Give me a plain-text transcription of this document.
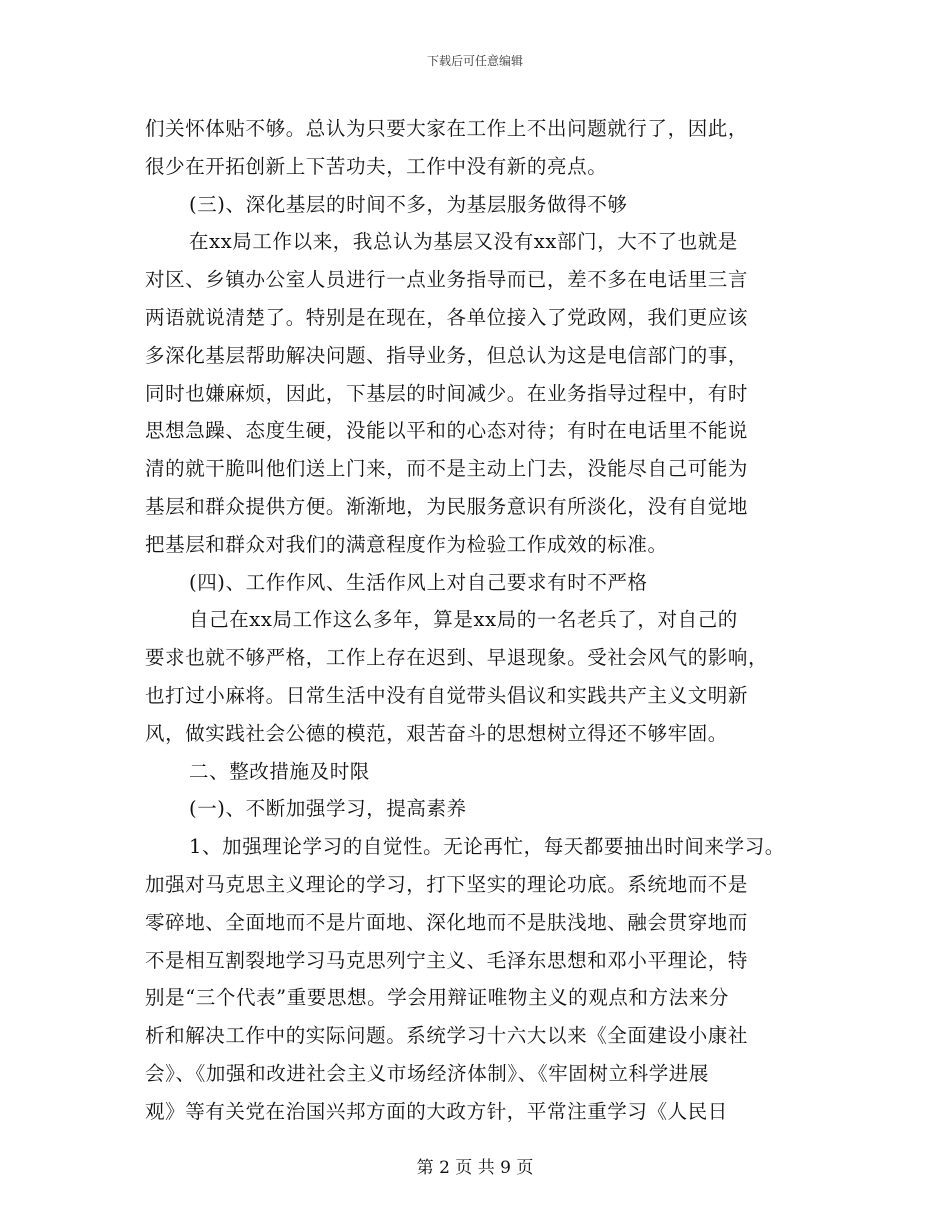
下载后可任意编辑
们关怀体贴不够。总认为只要大家在工作上不出问题就行了，因此，
很少在开拓创新上下苦功夫，工作中没有新的亮点。
(三)、深化基层的时间不多，为基层服务做得不够
在xx局工作以来，我总认为基层又没有xx部门，大不了也就是
对区、乡镇办公室人员进行一点业务指导而已，差不多在电话里三言
两语就说清楚了。特别是在现在，各单位接入了党政网，我们更应该
多深化基层帮助解决问题、指导业务，但总认为这是电信部门的事，
同时也嫌麻烦，因此，下基层的时间减少。在业务指导过程中，有时
思想急躁、态度生硬，没能以平和的心态对待；有时在电话里不能说
清的就干脆叫他们送上门来，而不是主动上门去，没能尽自己可能为
基层和群众提供方便。渐渐地，为民服务意识有所淡化，没有自觉地
把基层和群众对我们的满意程度作为检验工作成效的标准。
(四)、工作作风、生活作风上对自己要求有时不严格
自己在xx局工作这么多年，算是xx局的一名老兵了，对自己的
要求也就不够严格，工作上存在迟到、早退现象。受社会风气的影响，
也打过小麻将。日常生活中没有自觉带头倡议和实践共产主义文明新
风，做实践社会公德的模范，艰苦奋斗的思想树立得还不够牢固。
二、整改措施及时限
(一)、不断加强学习，提高素养
1、加强理论学习的自觉性。无论再忙，每天都要抽出时间来学习。
加强对马克思主义理论的学习，打下坚实的理论功底。系统地而不是
零碎地、全面地而不是片面地、深化地而不是肤浅地、融会贯穿地而
不是相互割裂地学习马克思列宁主义、毛泽东思想和邓小平理论，特
别是“三个代表”重要思想。学会用辩证唯物主义的观点和方法来分
析和解决工作中的实际问题。系统学习十六大以来《全面建设小康社
会》、《加强和改进社会主义市场经济体制》、《牢固树立科学进展
观》等有关党在治国兴邦方面的大政方针，平常注重学习《人民日
第 2 页 共 9 页
